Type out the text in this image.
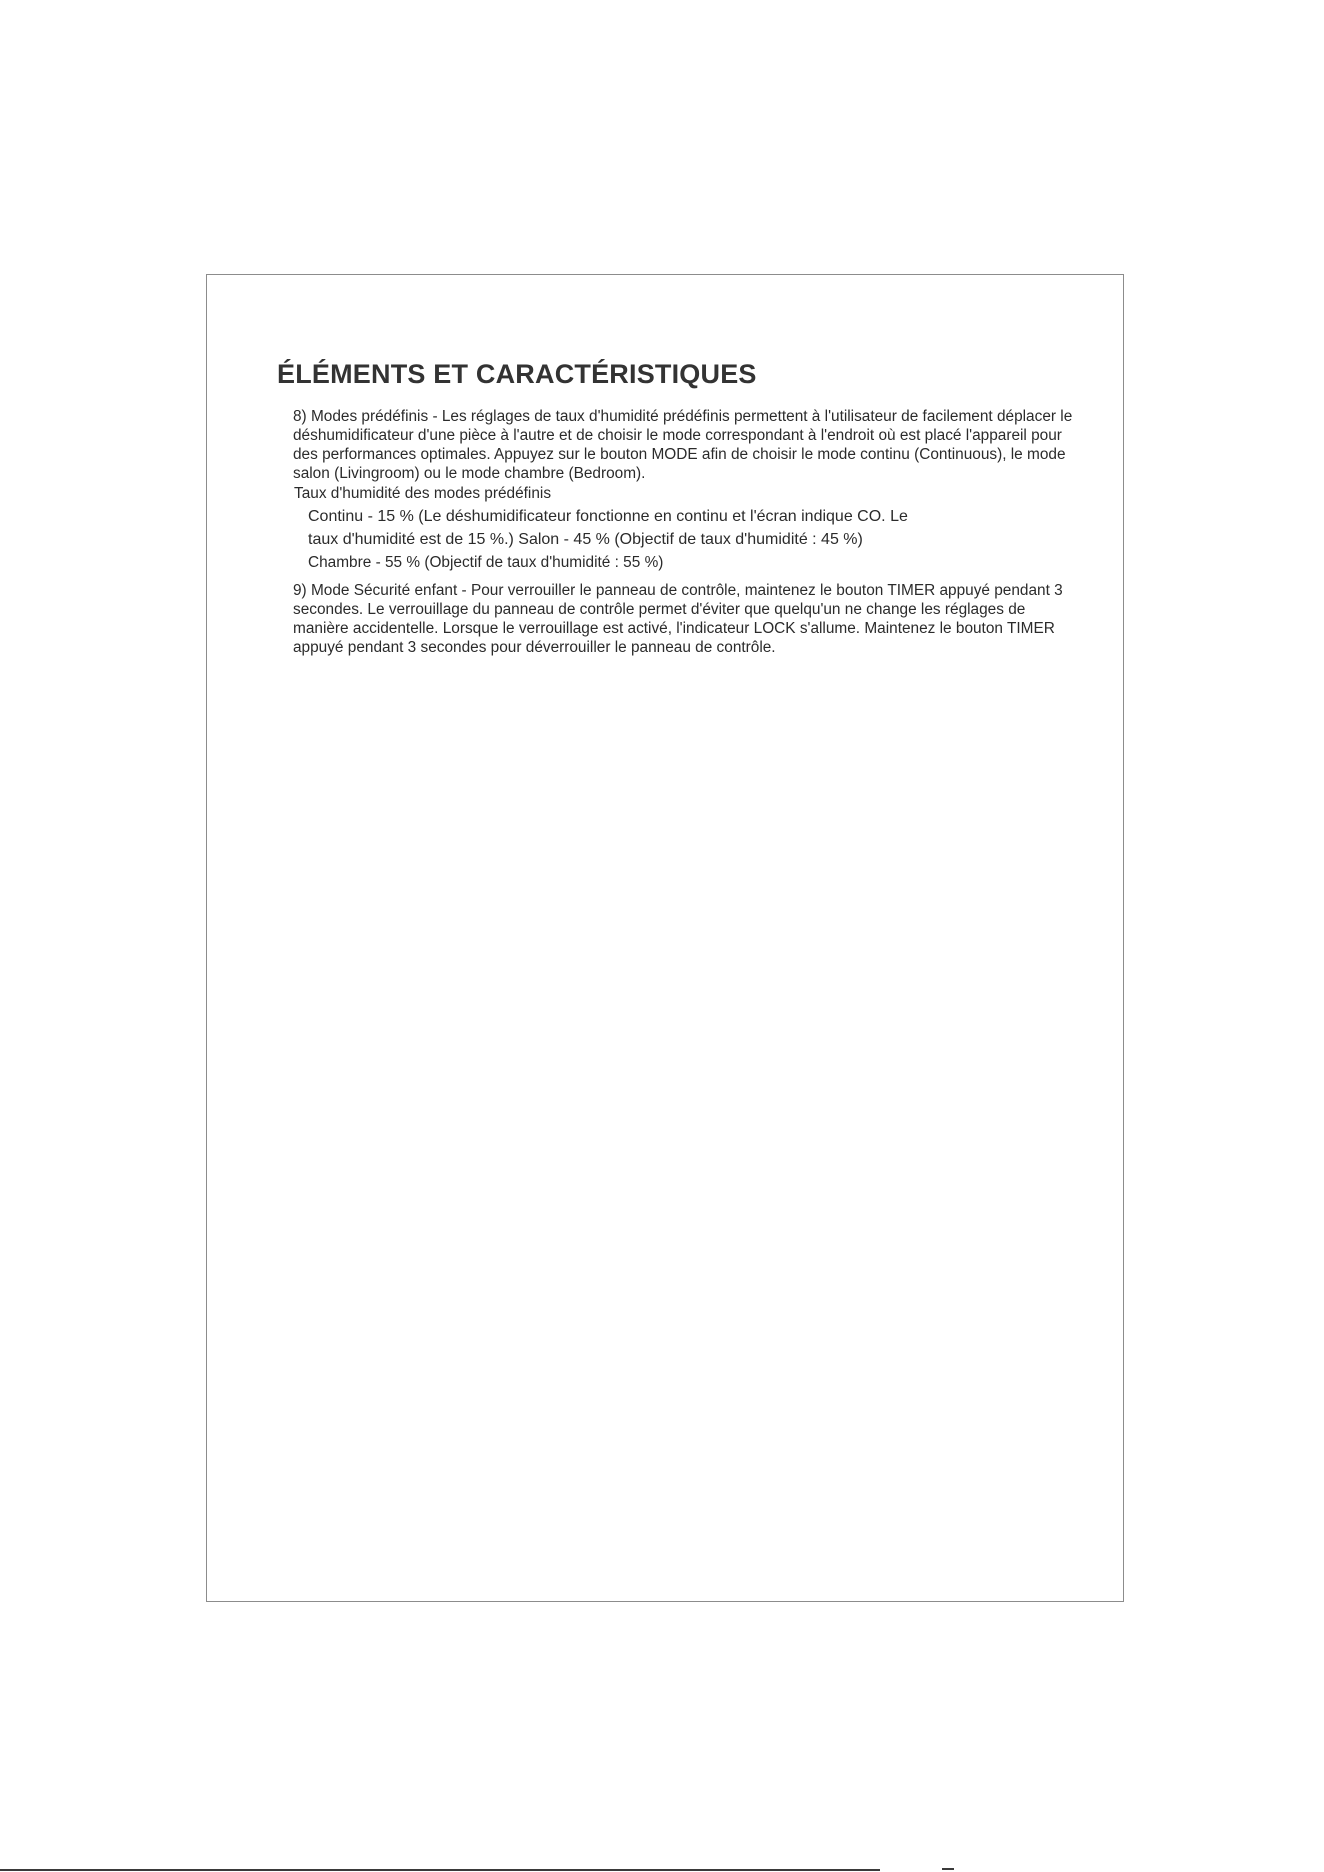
ÉLÉMENTS ET CARACTÉRISTIQUES

8) Modes prédéfinis - Les réglages de taux d'humidité prédéfinis permettent à l'utilisateur de facilement déplacer le déshumidificateur d'une pièce à l'autre et de choisir le mode correspondant à l'endroit où est placé l'appareil pour des performances optimales. Appuyez sur le bouton MODE afin de choisir le mode continu (Continuous), le mode salon (Livingroom) ou le mode chambre (Bedroom).

Taux d'humidité des modes prédéfinis

Continu - 15 % (Le déshumidificateur fonctionne en continu et l'écran indique CO. Le
taux d'humidité est de 15 %.) Salon - 45 % (Objectif de taux d'humidité : 45 %)
Chambre - 55 % (Objectif de taux d'humidité : 55 %)

9) Mode Sécurité enfant - Pour verrouiller le panneau de contrôle, maintenez le bouton TIMER appuyé pendant 3 secondes. Le verrouillage du panneau de contrôle permet d'éviter que quelqu'un ne change les réglages de manière accidentelle. Lorsque le verrouillage est activé, l'indicateur LOCK s'allume. Maintenez le bouton TIMER appuyé pendant 3 secondes pour déverrouiller le panneau de contrôle.
